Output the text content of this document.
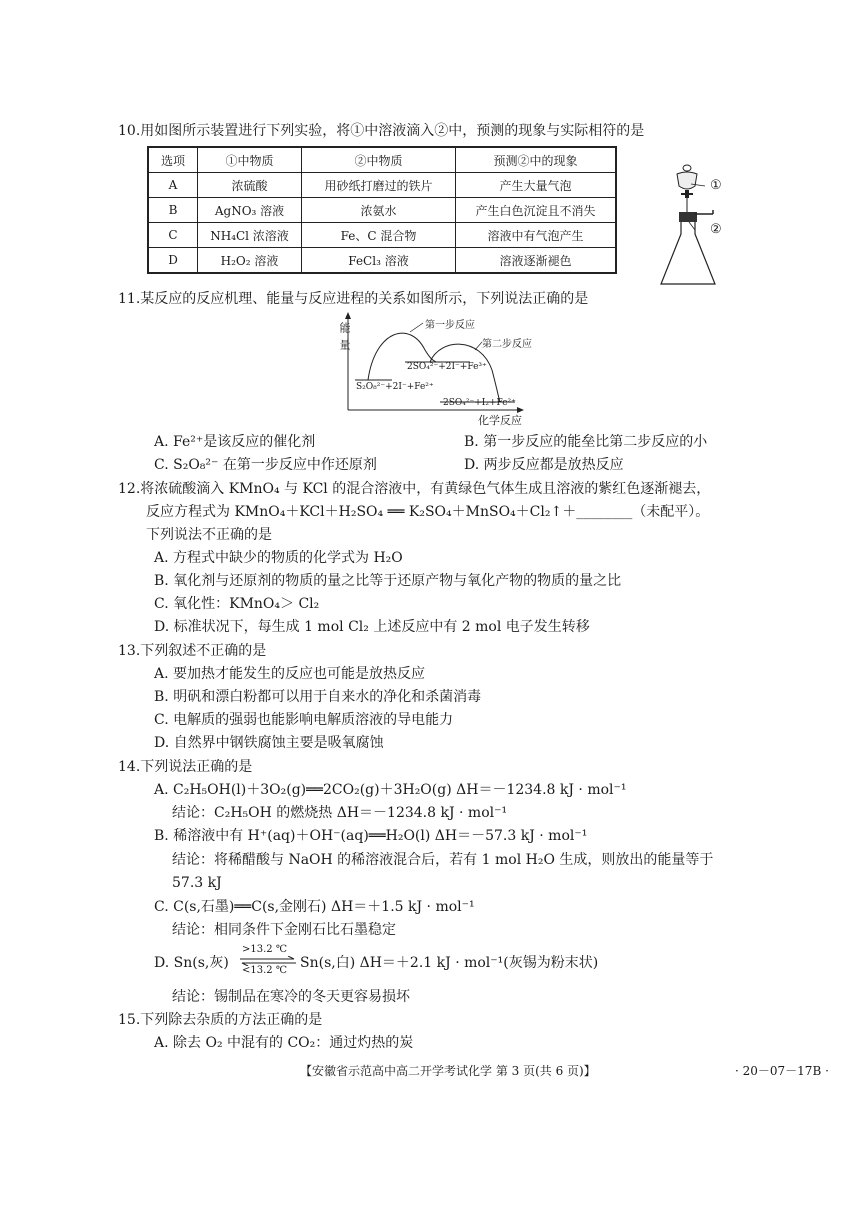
10.用如图所示装置进行下列实验，将①中溶液滴入②中，预测的现象与实际相符的是
选项	①中物质	②中物质	预测②中的现象
A	浓硫酸	用砂纸打磨过的铁片	产生大量气泡
B	AgNO₃ 溶液	浓氨水	产生白色沉淀且不消失
C	NH₄Cl 浓溶液	Fe、C 混合物	溶液中有气泡产生
D	H₂O₂ 溶液	FeCl₃ 溶液	溶液逐渐褪色
①
②
11.某反应的反应机理、能量与反应进程的关系如图所示，下列说法正确的是
能量	第一步反应
第二步反应
2SO₄²⁻+2I⁻+Fe³⁺
S₂O₈²⁻+2I⁻+Fe²⁺
2SO₄²⁻+I₂+Fe²⁺
化学反应
A. Fe²⁺是该反应的催化剂	B. 第一步反应的能垒比第二步反应的小
C. S₂O₈²⁻ 在第一步反应中作还原剂	D. 两步反应都是放热反应
12.将浓硫酸滴入 KMnO₄ 与 KCl 的混合溶液中，有黄绿色气体生成且溶液的紫红色逐渐褪去，
反应方程式为 KMnO₄＋KCl＋H₂SO₄ ══ K₂SO₄＋MnSO₄＋Cl₂↑＋________（未配平）。
下列说法不正确的是
A. 方程式中缺少的物质的化学式为 H₂O
B. 氧化剂与还原剂的物质的量之比等于还原产物与氧化产物的物质的量之比
C. 氧化性：KMnO₄＞ Cl₂
D. 标准状况下，每生成 1 mol Cl₂ 上述反应中有 2 mol 电子发生转移
13.下列叙述不正确的是
A. 要加热才能发生的反应也可能是放热反应
B. 明矾和漂白粉都可以用于自来水的净化和杀菌消毒
C. 电解质的强弱也能影响电解质溶液的导电能力
D. 自然界中钢铁腐蚀主要是吸氧腐蚀
14.下列说法正确的是
A. C₂H₅OH(l)＋3O₂(g)══2CO₂(g)＋3H₂O(g) ΔH＝－1234.8 kJ · mol⁻¹
结论：C₂H₅OH 的燃烧热 ΔH＝－1234.8 kJ · mol⁻¹
B. 稀溶液中有 H⁺(aq)＋OH⁻(aq)══H₂O(l) ΔH＝－57.3 kJ · mol⁻¹
结论：将稀醋酸与 NaOH 的稀溶液混合后，若有 1 mol H₂O 生成，则放出的能量等于
57.3 kJ
C. C(s,石墨)══C(s,金刚石) ΔH＝＋1.5 kJ · mol⁻¹
结论：相同条件下金刚石比石墨稳定
D. Sn(s,灰)
>13.2 ℃
<13.2 ℃ Sn(s,白) ΔH＝＋2.1 kJ · mol⁻¹(灰锡为粉末状)
结论：锡制品在寒冷的冬天更容易损坏
15.下列除去杂质的方法正确的是
A. 除去 O₂ 中混有的 CO₂：通过灼热的炭
【安徽省示范高中高二开学考试化学 第 3 页(共 6 页)】	· 20－07－17B ·
